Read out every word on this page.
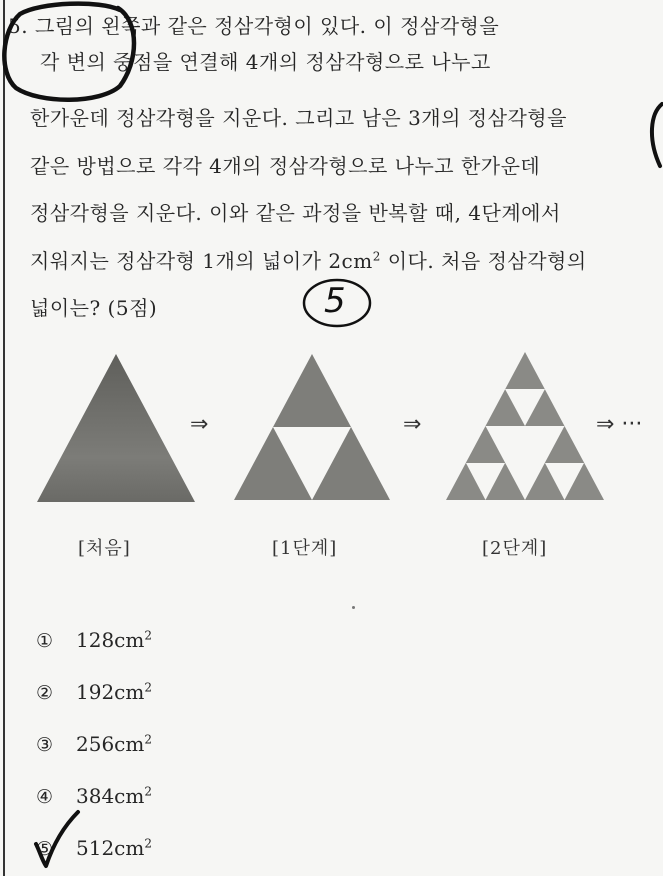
5. 그림의 왼쪽과 같은 정삼각형이 있다. 이 정삼각형을
각 변의 중점을 연결해 4개의 정삼각형으로 나누고
한가운데 정삼각형을 지운다. 그리고 남은 3개의 정삼각형을
같은 방법으로 각각 4개의 정삼각형으로 나누고 한가운데
정삼각형을 지운다. 이와 같은 과정을 반복할 때, 4단계에서
지워지는 정삼각형 1개의 넓이가 $2cm^2$ 이다. 처음 정삼각형의
넓이는? (5점)	5
⇒	⇒	⇒ ···
[처음]	[1단계]	[2단계]
① $128cm^2$
② $192cm^2$
③ $256cm^2$
④ $384cm^2$
⑤ $512cm^2$
